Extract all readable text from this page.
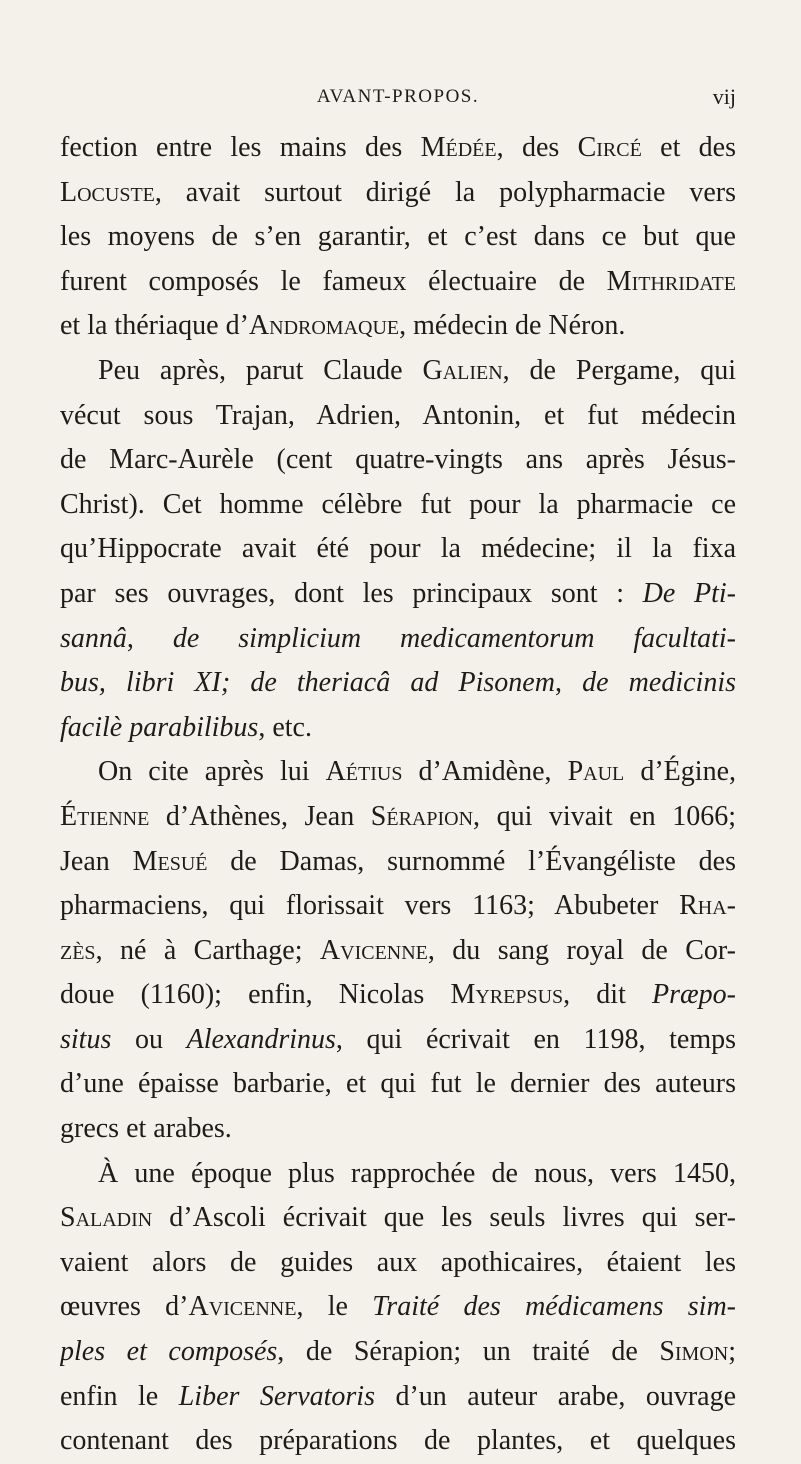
AVANT-PROPOS.	vij
fection entre les mains des Médée, des Circé et des
Locuste, avait surtout dirigé la polypharmacie vers
les moyens de s’en garantir, et c’est dans ce but que
furent composés le fameux électuaire de Mithridate
et la thériaque d’Andromaque, médecin de Néron.
Peu après, parut Claude Galien, de Pergame, qui
vécut sous Trajan, Adrien, Antonin, et fut médecin
de Marc-Aurèle (cent quatre-vingts ans après Jésus-
Christ). Cet homme célèbre fut pour la pharmacie ce
qu’Hippocrate avait été pour la médecine; il la fixa
par ses ouvrages, dont les principaux sont : De Pti-
sannâ, de simplicium medicamentorum facultati-
bus, libri XI; de theriacâ ad Pisonem, de medicinis
facilè parabilibus, etc.
On cite après lui Aétius d’Amidène, Paul d’Égine,
Étienne d’Athènes, Jean Sérapion, qui vivait en 1066;
Jean Mesué de Damas, surnommé l’Évangéliste des
pharmaciens, qui florissait vers 1163; Abubeter Rha-
zès, né à Carthage; Avicenne, du sang royal de Cor-
doue (1160); enfin, Nicolas Myrepsus, dit Præpo-
situs ou Alexandrinus, qui écrivait en 1198, temps
d’une épaisse barbarie, et qui fut le dernier des auteurs
grecs et arabes.
À une époque plus rapprochée de nous, vers 1450,
Saladin d’Ascoli écrivait que les seuls livres qui ser-
vaient alors de guides aux apothicaires, étaient les
œuvres d’Avicenne, le Traité des médicamens sim-
ples et composés, de Sérapion; un traité de Simon;
enfin le Liber Servatoris d’un auteur arabe, ouvrage
contenant des préparations de plantes, et quelques
